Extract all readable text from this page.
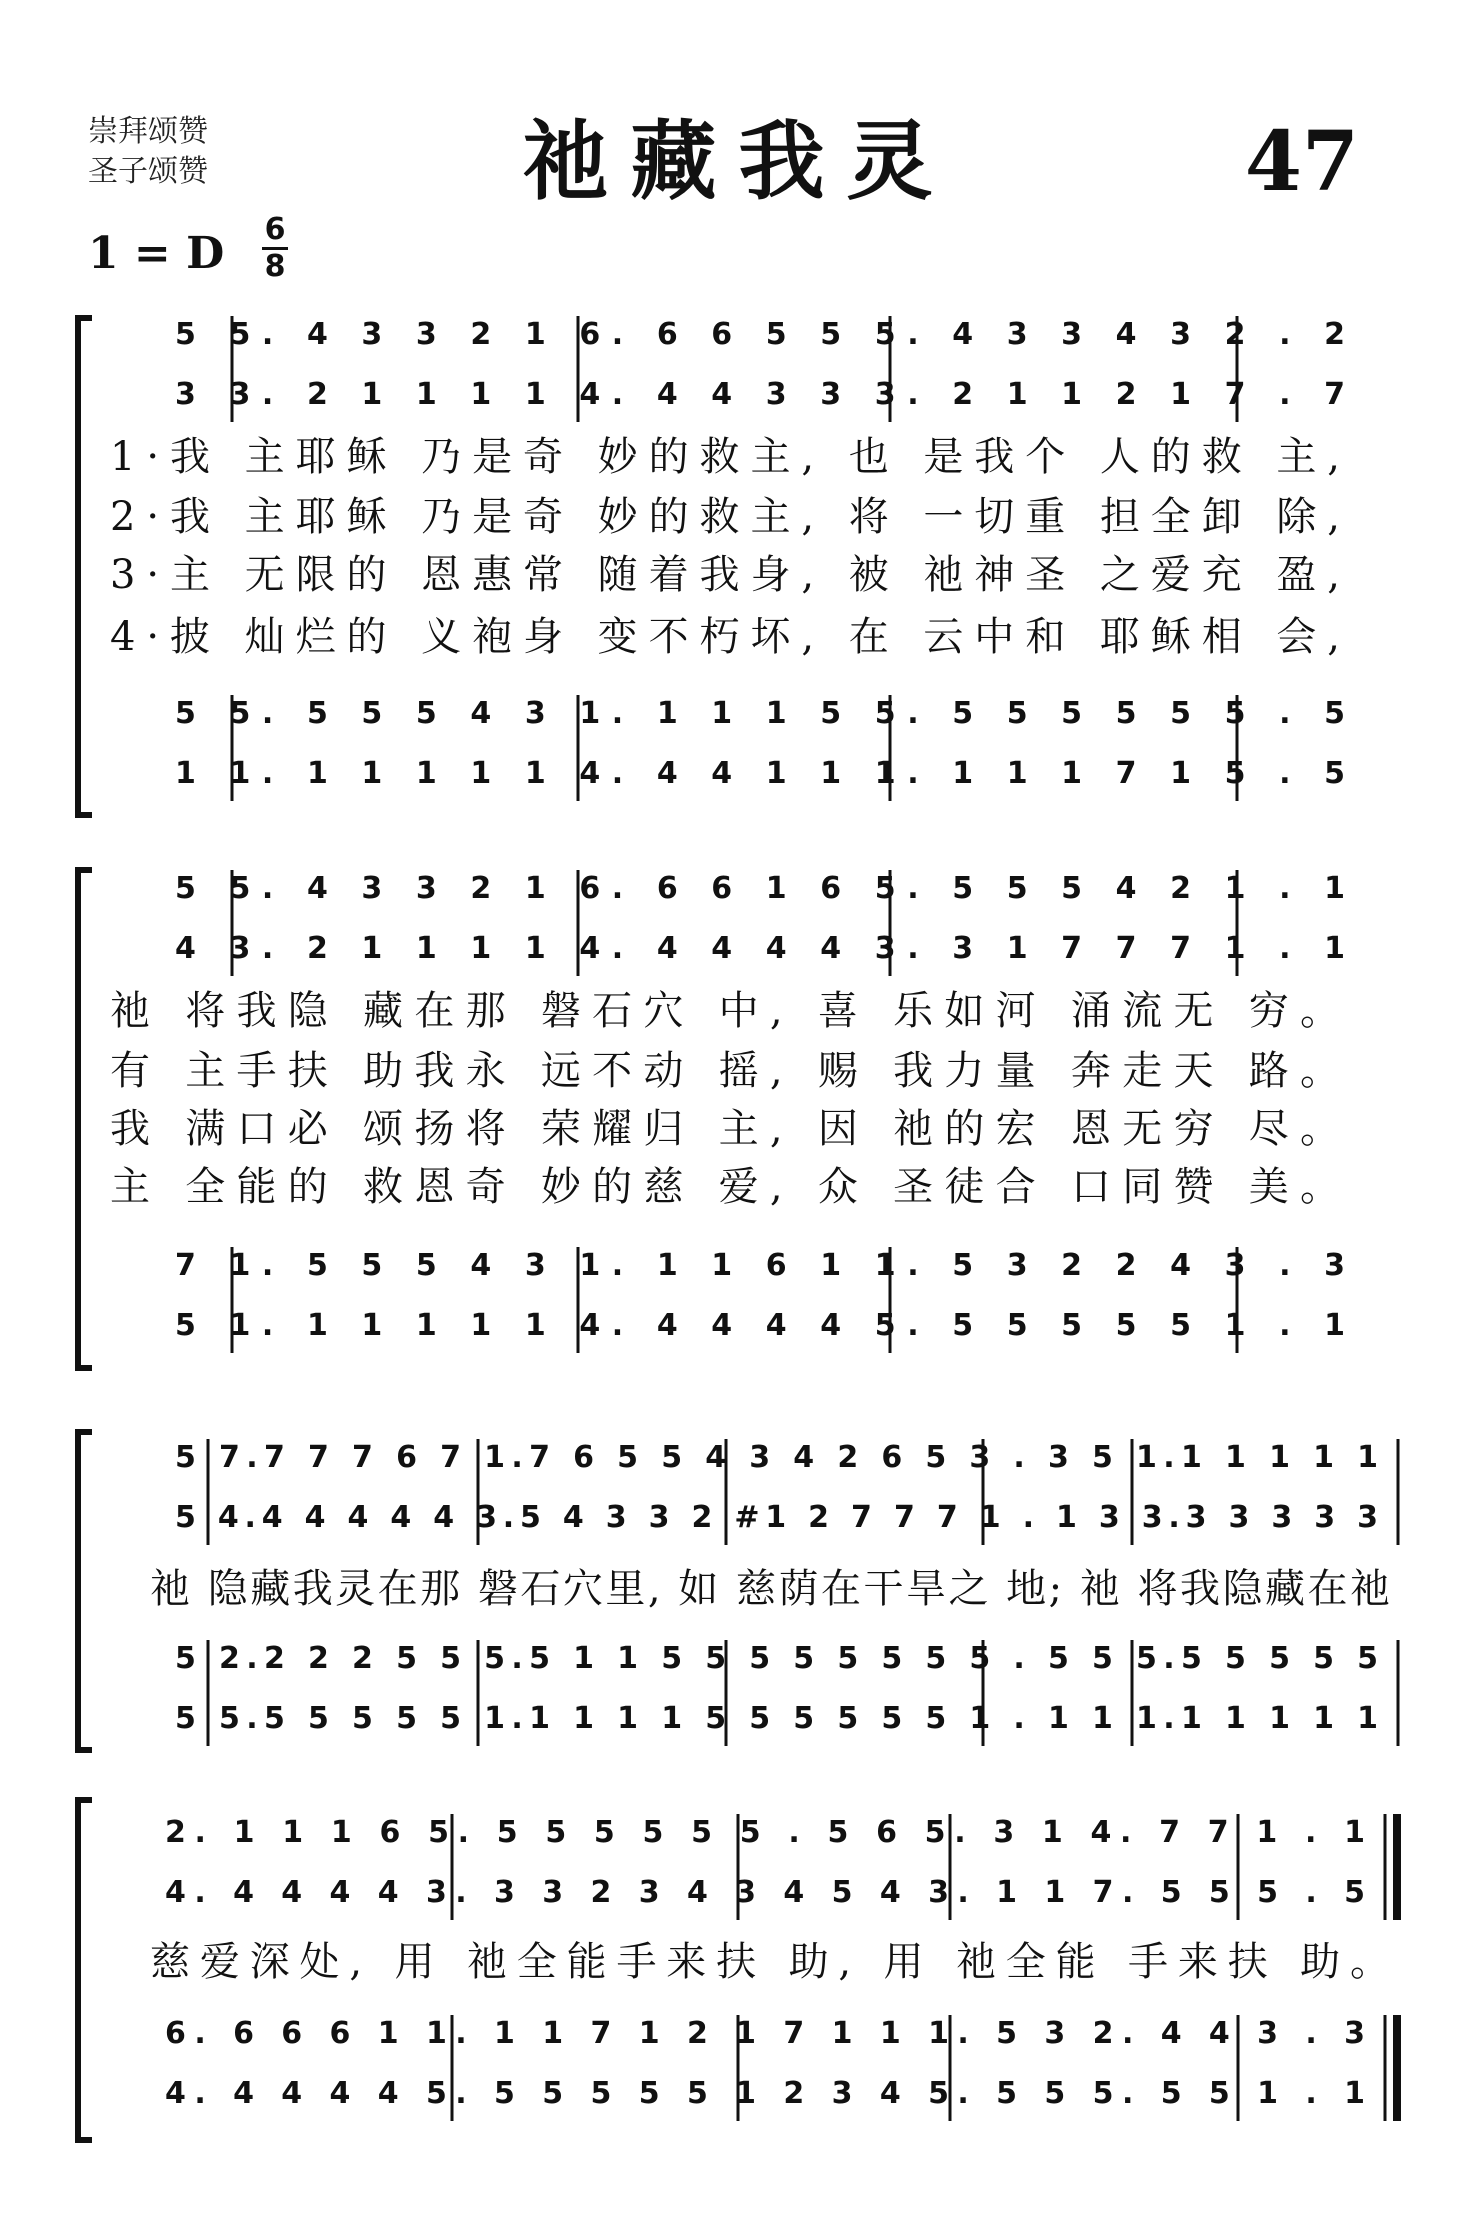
崇拜颂赞
圣子颂赞	祂藏我灵	47
1 = D 6
8
5 5. 4 3 3 2 1 6. 6 6 5 5 5. 4 3 3 4 3 2 . 2
3 3. 2 1 1 1 1 4. 4 4 3 3 3. 2 1 1 2 1 7 . 7
5 5. 5 5 5 4 3 1. 1 1 1 5 5. 5 5 5 5 5 5 . 5
1 1. 1 1 1 1 1 4. 4 4 1 1 1. 1 1 1 7 1 5 . 5
5 5. 4 3 3 2 1 6. 6 6 1 6 5. 5 5 5 4 2 1 . 1
4 3. 2 1 1 1 1 4. 4 4 4 4 3. 3 1 7 7 7 1 . 1
7 1. 5 5 5 4 3 1. 1 1 6 1 1. 5 3 2 2 4 3 . 3
5 1. 1 1 1 1 1 4. 4 4 4 4 5. 5 5 5 5 5 1 . 1
5 7.7 7 7 6 7 1.7 6 5 5 4 3 4 2 6 5 3 . 3 5 1.1 1 1 1 1
5 4.4 4 4 4 4 3.5 4 3 3 2 #1 2 7 7 7 1 . 1 3 3.3 3 3 3 3
5 2.2 2 2 5 5 5.5 1 1 5 5 5 5 5 5 5 5 . 5 5 5.5 5 5 5 5
5 5.5 5 5 5 5 1.1 1 1 1 5 5 5 5 5 5 1 . 1 1 1.1 1 1 1 1
2. 1 1 1 6 5. 5 5 5 5 5 5 . 5 6 5. 3 1 4. 7 7 1 . 1
4. 4 4 4 4 3. 3 3 2 3 4 3 4 5 4 3. 1 1 7. 5 5 5 . 5
6. 6 6 6 1 1. 1 1 7 1 2 1 7 1 1 1. 5 3 2. 4 4 3 . 3
4. 4 4 4 4 5. 5 5 5 5 5 1 2 3 4 5. 5 5 5. 5 5 1 . 1
1·我 主耶稣 乃是奇 妙的救主, 也 是我个 人的救 主,
2·我 主耶稣 乃是奇 妙的救主, 将 一切重 担全卸 除,
3·主 无限的 恩惠常 随着我身, 被 祂神圣 之爱充 盈,
4·披 灿烂的 义袍身 变不朽坏, 在 云中和 耶稣相 会,
祂 将我隐 藏在那 磐石穴 中, 喜 乐如河 涌流无 穷。
有 主手扶 助我永 远不动 摇, 赐 我力量 奔走天 路。
我 满口必 颂扬将 荣耀归 主, 因 祂的宏 恩无穷 尽。
主 全能的 救恩奇 妙的慈 爱, 众 圣徒合 口同赞 美。
祂 隐藏我灵在那 磐石穴里, 如 慈荫在干旱之 地; 祂 将我隐藏在祂
慈爱深处, 用 祂全能手来扶 助, 用 祂全能 手来扶 助。
